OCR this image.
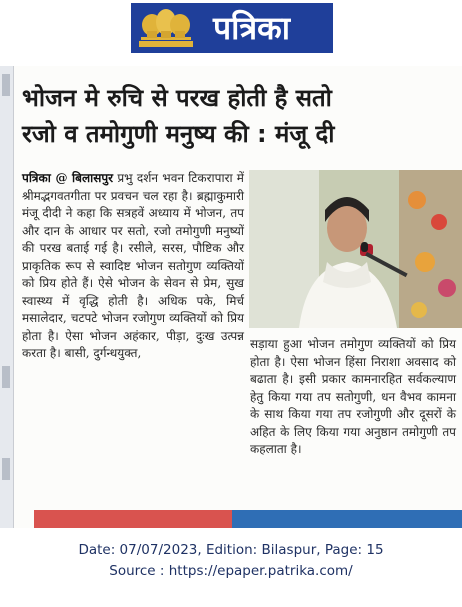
पत्रिका
भोजन मे रुचि से परख होती है सतो
रजो व तमोगुणी मनुष्य की : मंजू दी
पत्रिका @ बिलासपुर प्रभु दर्शन भवन टिकरापारा में श्रीमद्भगवतगीता पर प्रवचन चल रहा है। ब्रह्माकुमारी मंजू दीदी ने कहा कि सत्रहवें अध्याय में भोजन, तप और दान के आधार पर सतो, रजो तमोगुणी मनुष्यों की परख बताई गई है। रसीले, सरस, पौष्टिक और प्राकृतिक रूप से स्वादिष्ट भोजन सतोगुण व्यक्तियों को प्रिय होते हैं। ऐसे भोजन के सेवन से प्रेम, सुख स्वास्थ्य में वृद्धि होती है। अधिक पके, मिर्च मसालेदार, चटपटे भोजन रजोगुण व्यक्तियों को प्रिय होता है। ऐसा भोजन अहंकार, पीड़ा, दुःख उत्पन्न करता है। बासी, दुर्गन्धयुक्त,
सड़ाया हुआ भोजन तमोगुण व्यक्तियों को प्रिय होता है। ऐसा भोजन हिंसा निराशा अवसाद को बढाता है। इसी प्रकार कामनारहित सर्वकल्याण हेतु किया गया तप सतोगुणी, धन वैभव कामना के साथ किया गया तप रजोगुणी और दूसरों के अहित के लिए किया गया अनुष्ठान तमोगुणी तप कहलाता है।
Date: 07/07/2023, Edition: Bilaspur, Page: 15
Source : https://epaper.patrika.com/
